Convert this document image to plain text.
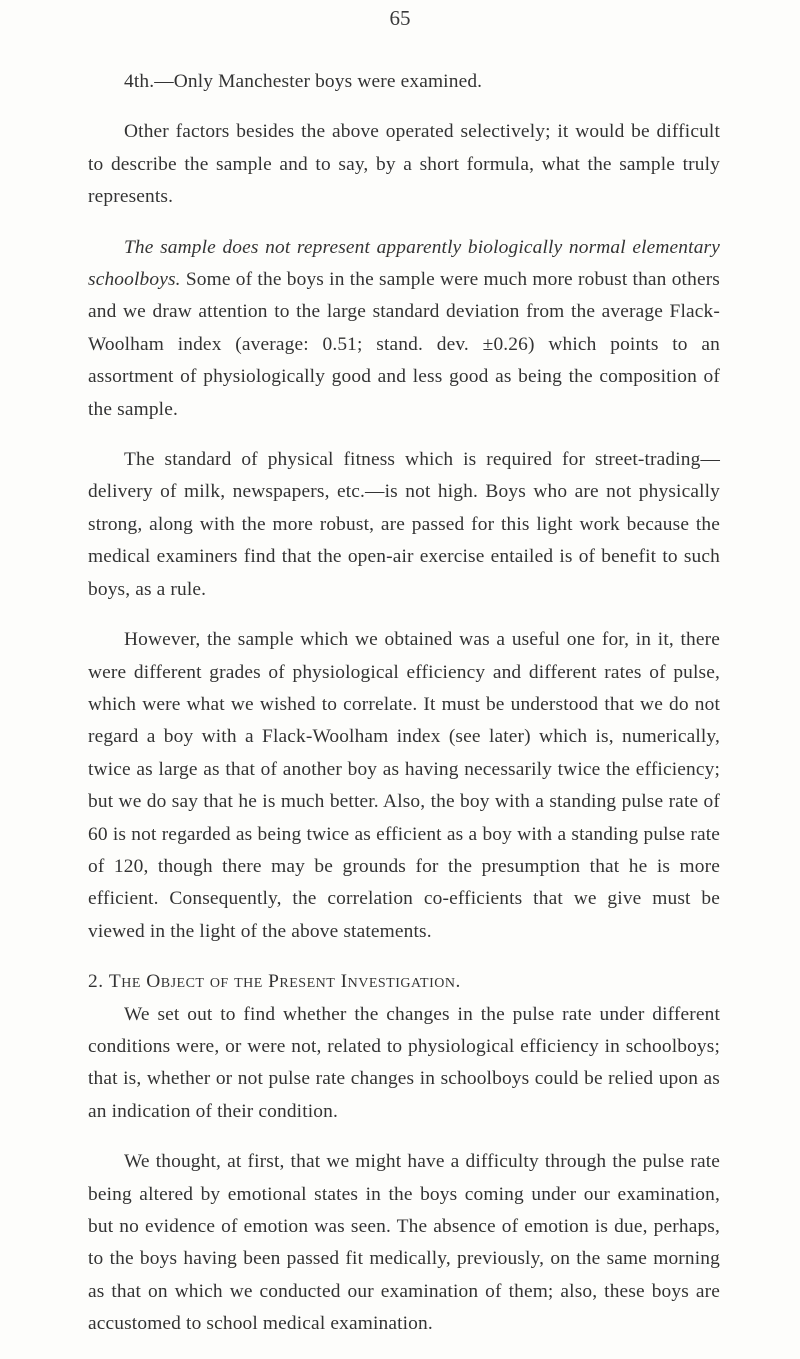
65

4th.—Only Manchester boys were examined.

Other factors besides the above operated selectively; it would be difficult to describe the sample and to say, by a short formula, what the sample truly represents.

The sample does not represent apparently biologically normal elementary schoolboys. Some of the boys in the sample were much more robust than others and we draw attention to the large standard deviation from the average Flack-Woolham index (average: 0.51; stand. dev. ±0.26) which points to an assortment of physiologically good and less good as being the composition of the sample.

The standard of physical fitness which is required for street-trading—delivery of milk, newspapers, etc.—is not high. Boys who are not physically strong, along with the more robust, are passed for this light work because the medical examiners find that the open-air exercise entailed is of benefit to such boys, as a rule.

However, the sample which we obtained was a useful one for, in it, there were different grades of physiological efficiency and different rates of pulse, which were what we wished to correlate. It must be understood that we do not regard a boy with a Flack-Woolham index (see later) which is, numerically, twice as large as that of another boy as having necessarily twice the efficiency; but we do say that he is much better. Also, the boy with a standing pulse rate of 60 is not regarded as being twice as efficient as a boy with a standing pulse rate of 120, though there may be grounds for the presumption that he is more efficient. Consequently, the correlation co-efficients that we give must be viewed in the light of the above statements.

2. The Object of the Present Investigation.

We set out to find whether the changes in the pulse rate under different conditions were, or were not, related to physiological efficiency in schoolboys; that is, whether or not pulse rate changes in schoolboys could be relied upon as an indication of their condition.

We thought, at first, that we might have a difficulty through the pulse rate being altered by emotional states in the boys coming under our examination, but no evidence of emotion was seen. The absence of emotion is due, perhaps, to the boys having been passed fit medically, previously, on the same morning as that on which we conducted our examination of them; also, these boys are accustomed to school medical examination.
